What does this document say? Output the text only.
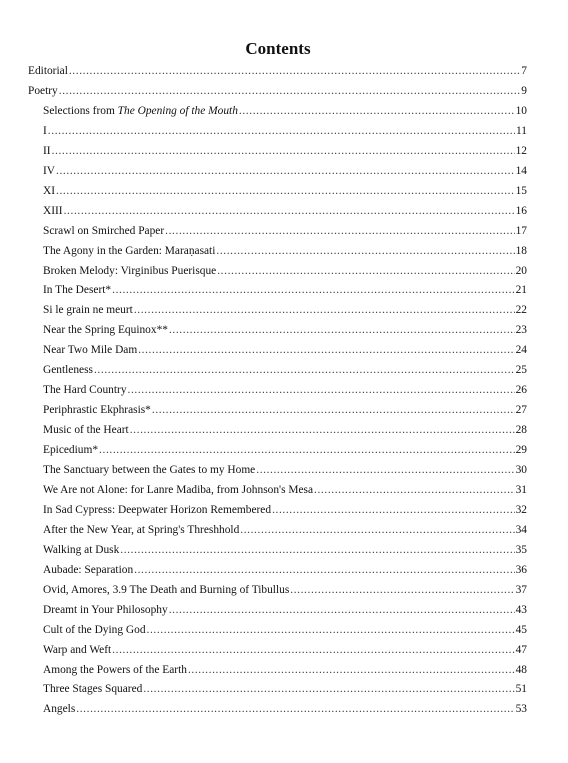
Contents
Editorial .....	7
Poetry .....	9
Selections from The Opening of the Mouth .....	10
I .....	11
II .....	12
IV .....	14
XI .....	15
XIII .....	16
Scrawl on Smirched Paper .....	17
The Agony in the Garden: Maraṇasati .....	18
Broken Melody: Virginibus Puerisque .....	20
In The Desert* .....	21
Si le grain ne meurt .....	22
Near the Spring Equinox** .....	23
Near Two Mile Dam .....	24
Gentleness .....	25
The Hard Country .....	26
Periphrastic Ekphrasis* .....	27
Music of the Heart .....	28
Epicedium* .....	29
The Sanctuary between the Gates to my Home .....	30
We Are not Alone: for Lanre Madiba, from Johnson's Mesa .....	31
In Sad Cypress: Deepwater Horizon Remembered .....	32
After the New Year, at Spring's Threshhold .....	34
Walking at Dusk .....	35
Aubade: Separation .....	36
Ovid, Amores, 3.9 The Death and Burning of Tibullus .....	37
Dreamt in Your Philosophy .....	43
Cult of the Dying God .....	45
Warp and Weft .....	47
Among the Powers of the Earth .....	48
Three Stages Squared .....	51
Angels .....	53
